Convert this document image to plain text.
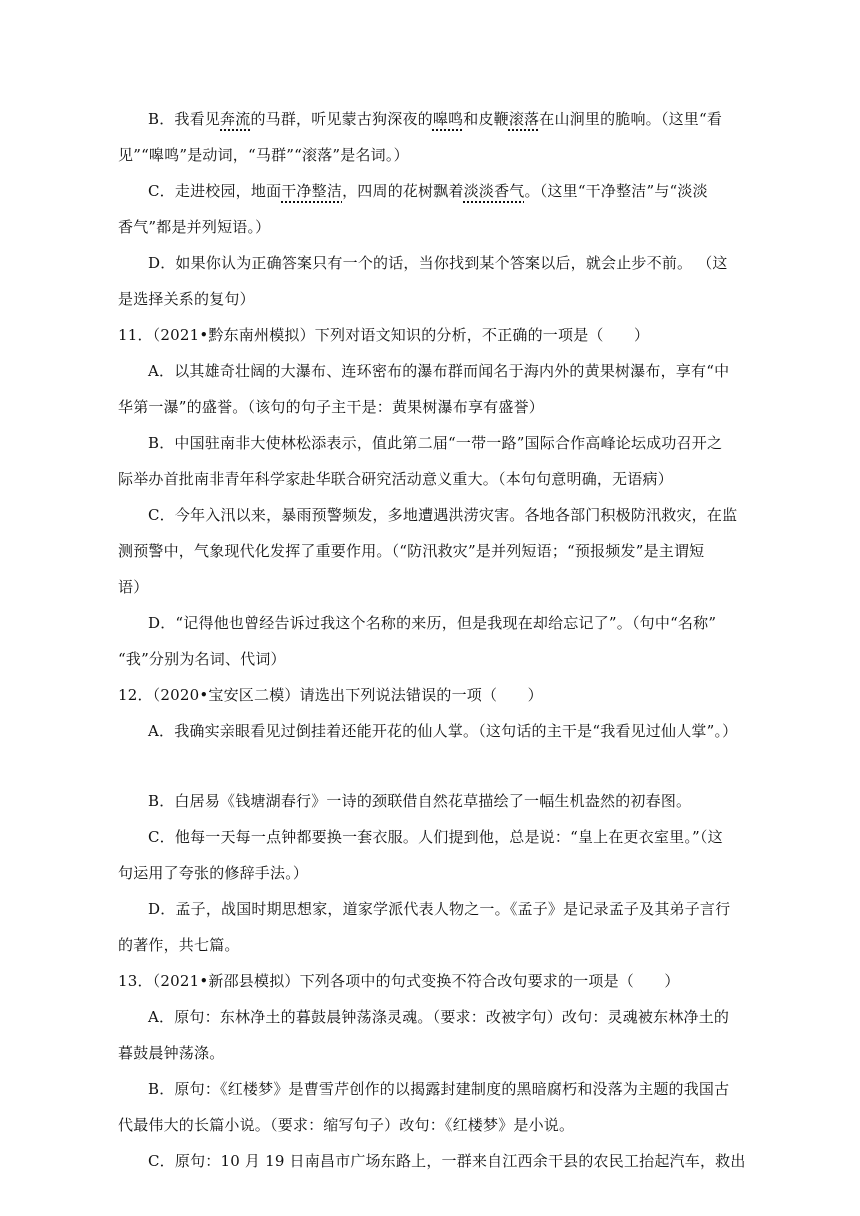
B．我看见奔流的马群，听见蒙古狗深夜的嗥鸣和皮鞭滚落在山涧里的脆响。（这里“看
见”“嗥鸣”是动词，“马群”“滚落”是名词。）
C．走进校园，地面干净整洁，四周的花树飘着淡淡香气。（这里“干净整洁”与“淡淡
香气”都是并列短语。）
D．如果你认为正确答案只有一个的话，当你找到某个答案以后，就会止步不前。 （这
是选择关系的复句）
11．（2021•黔东南州模拟）下列对语文知识的分析，不正确的一项是（　　）
A．以其雄奇壮阔的大瀑布、连环密布的瀑布群而闻名于海内外的黄果树瀑布，享有“中
华第一瀑”的盛誉。（该句的句子主干是：黄果树瀑布享有盛誉）
B．中国驻南非大使林松添表示，值此第二届“一带一路”国际合作高峰论坛成功召开之
际举办首批南非青年科学家赴华联合研究活动意义重大。（本句句意明确，无语病）
C．今年入汛以来，暴雨预警频发，多地遭遇洪涝灾害。各地各部门积极防汛救灾，在监
测预警中，气象现代化发挥了重要作用。（“防汛救灾”是并列短语；“预报频发”是主谓短
语）
D．“记得他也曾经告诉过我这个名称的来历，但是我现在却给忘记了”。（句中“名称”
“我”分别为名词、代词）
12．（2020•宝安区二模）请选出下列说法错误的一项（　　）
A．我确实亲眼看见过倒挂着还能开花的仙人掌。（这句话的主干是“我看见过仙人掌”。）
B．白居易《钱塘湖春行》一诗的颈联借自然花草描绘了一幅生机盎然的初春图。
C．他每一天每一点钟都要换一套衣服。人们提到他，总是说：“皇上在更衣室里。”（这
句运用了夸张的修辞手法。）
D．孟子，战国时期思想家，道家学派代表人物之一。《孟子》是记录孟子及其弟子言行
的著作，共七篇。
13．（2021•新邵县模拟）下列各项中的句式变换不符合改句要求的一项是（　　）
A．原句：东林净土的暮鼓晨钟荡涤灵魂。（要求：改被字句）改句：灵魂被东林净土的
暮鼓晨钟荡涤。
B．原句：《红楼梦》是曹雪芹创作的以揭露封建制度的黑暗腐朽和没落为主题的我国古
代最伟大的长篇小说。（要求：缩写句子）改句：《红楼梦》是小说。
C．原句：10 月 19 日南昌市广场东路上，一群来自江西余干县的农民工抬起汽车，救出
